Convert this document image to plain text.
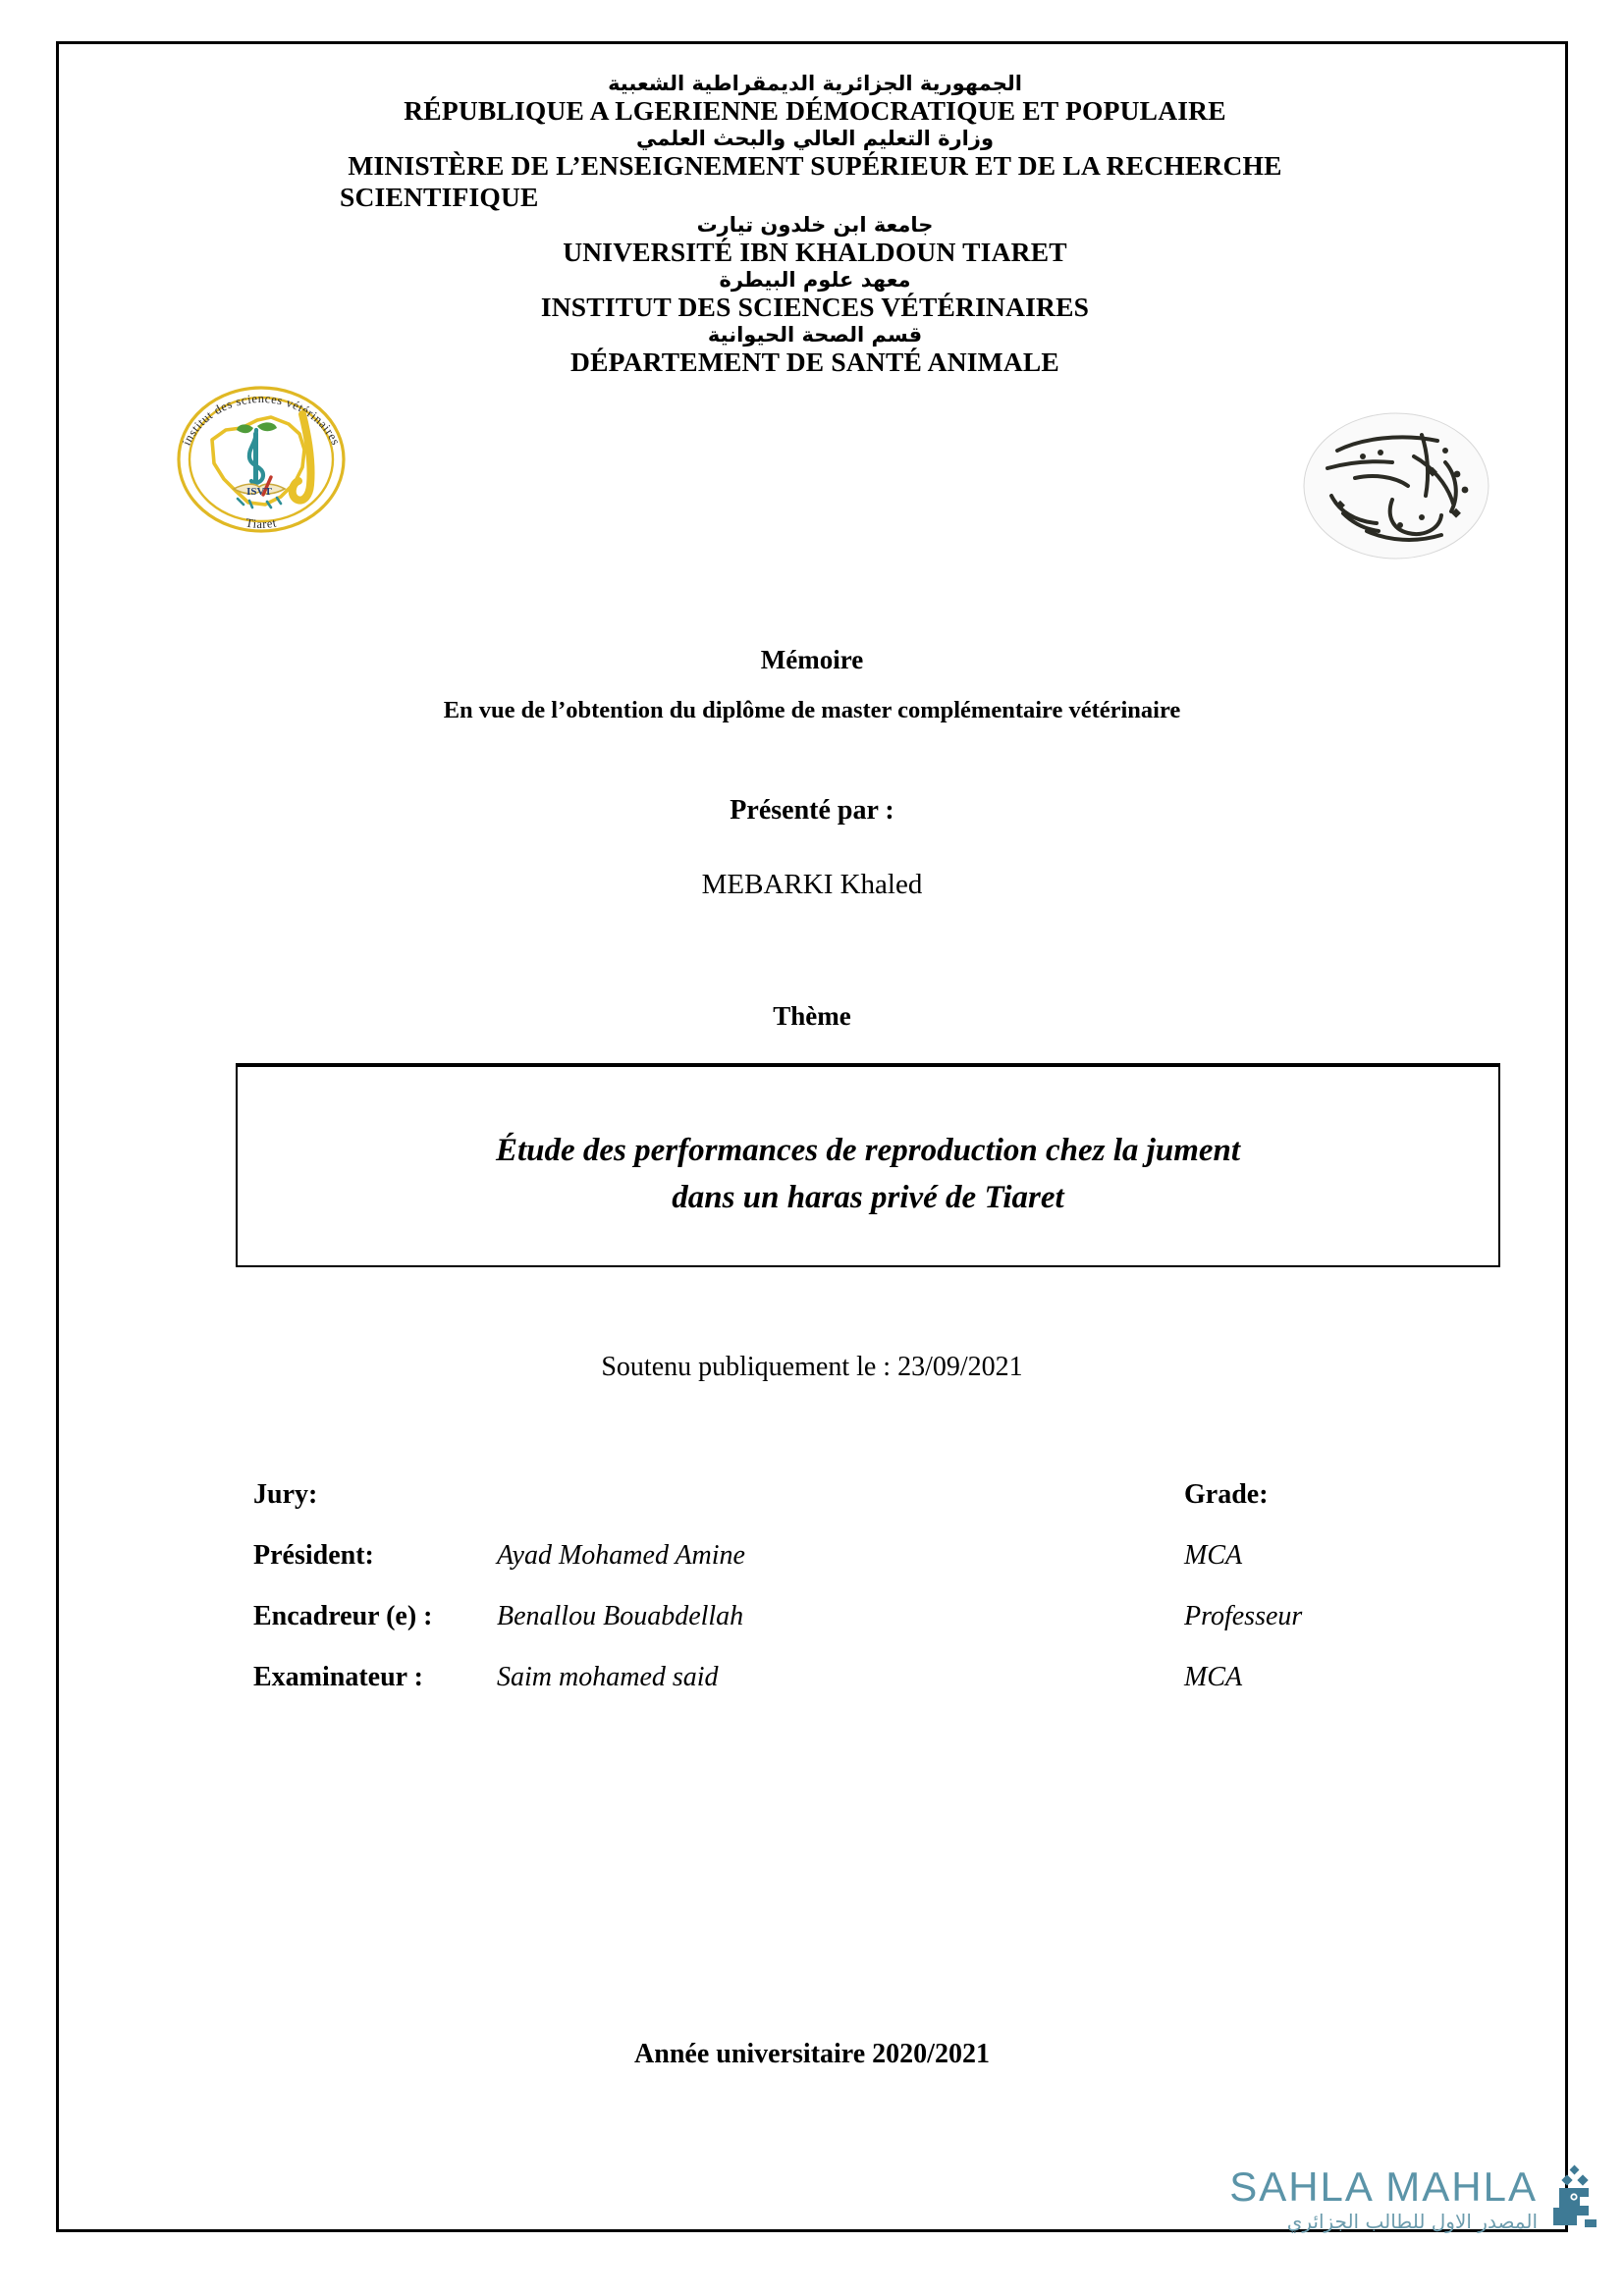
الجمهورية الجزائرية الديمقراطية الشعبية
RÉPUBLIQUE A LGERIENNE DÉMOCRATIQUE ET POPULAIRE
وزارة التعليم العالي والبحث العلمي
MINISTÈRE DE L’ENSEIGNEMENT SUPÉRIEUR ET DE LA RECHERCHE
SCIENTIFIQUE
جامعة ابن خلدون تيارت
UNIVERSITÉ IBN KHALDOUN TIARET
معهد علوم البيطرة
INSTITUT DES SCIENCES VÉTÉRINAIRES
قسم الصحة الحيوانية
DÉPARTEMENT DE SANTÉ ANIMALE
institut des sciences vétérinaires
Tiaret
ISVT
Mémoire
En vue de l’obtention du diplôme de master complémentaire vétérinaire
Présenté par :
MEBARKI Khaled
Thème
Étude des performances de reproduction chez la jument
dans un haras privé de Tiaret
Soutenu publiquement le : 23/09/2021
Jury:		Grade:
Président:	Ayad Mohamed Amine	MCA
Encadreur (e) :	Benallou Bouabdellah	Professeur
Examinateur :	Saim mohamed said	MCA
Année universitaire 2020/2021
SAHLA MAHLA
المصدر الاول للطالب الجزائري
